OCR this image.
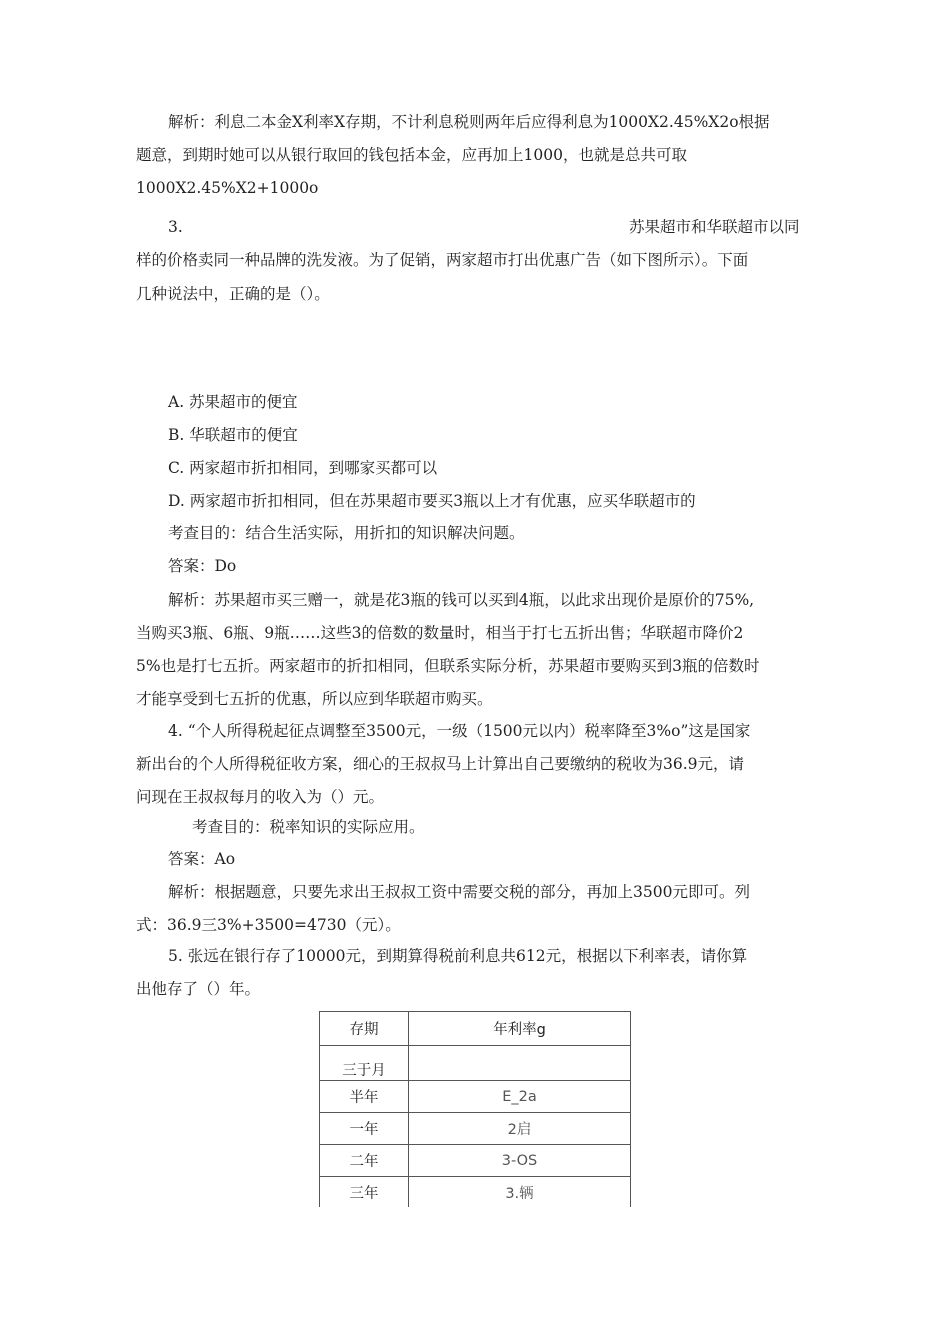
解析：利息二本金X利率X存期，不计利息税则两年后应得利息为1000X2.45%X2o根据
题意，到期时她可以从银行取回的钱包括本金，应再加上1000，也就是总共可取
1000X2.45%X2+1000o
3.	苏果超市和华联超市以同
样的价格卖同一种品牌的洗发液。为了促销，两家超市打出优惠广告（如下图所示）。下面
几种说法中，正确的是（）。
A. 苏果超市的便宜
B. 华联超市的便宜
C. 两家超市折扣相同，到哪家买都可以
D. 两家超市折扣相同，但在苏果超市要买3瓶以上才有优惠，应买华联超市的
考查目的：结合生活实际，用折扣的知识解决问题。
答案：Do
解析：苏果超市买三赠一，就是花3瓶的钱可以买到4瓶，以此求出现价是原价的75%,
当购买3瓶、6瓶、9瓶……这些3的倍数的数量时，相当于打七五折出售；华联超市降价2
5%也是打七五折。两家超市的折扣相同，但联系实际分析，苏果超市要购买到3瓶的倍数时
才能享受到七五折的优惠，所以应到华联超市购买。
4. “个人所得税起征点调整至3500元，一级（1500元以内）税率降至3%o”这是国家
新出台的个人所得税征收方案，细心的王叔叔马上计算出自己要缴纳的税收为36.9元，请
问现在王叔叔每月的收入为（）元。
考查目的：税率知识的实际应用。
答案：Ao
解析：根据题意，只要先求出王叔叔工资中需要交税的部分，再加上3500元即可。列
式：36.9三3%+3500=4730（元）。
5. 张远在银行存了10000元，到期算得税前利息共612元，根据以下利率表，请你算
出他存了（）年。
存期	年利率g
三于月	
半年	E_2a
一年	2启
二年	3-OS
三年	3.辆
